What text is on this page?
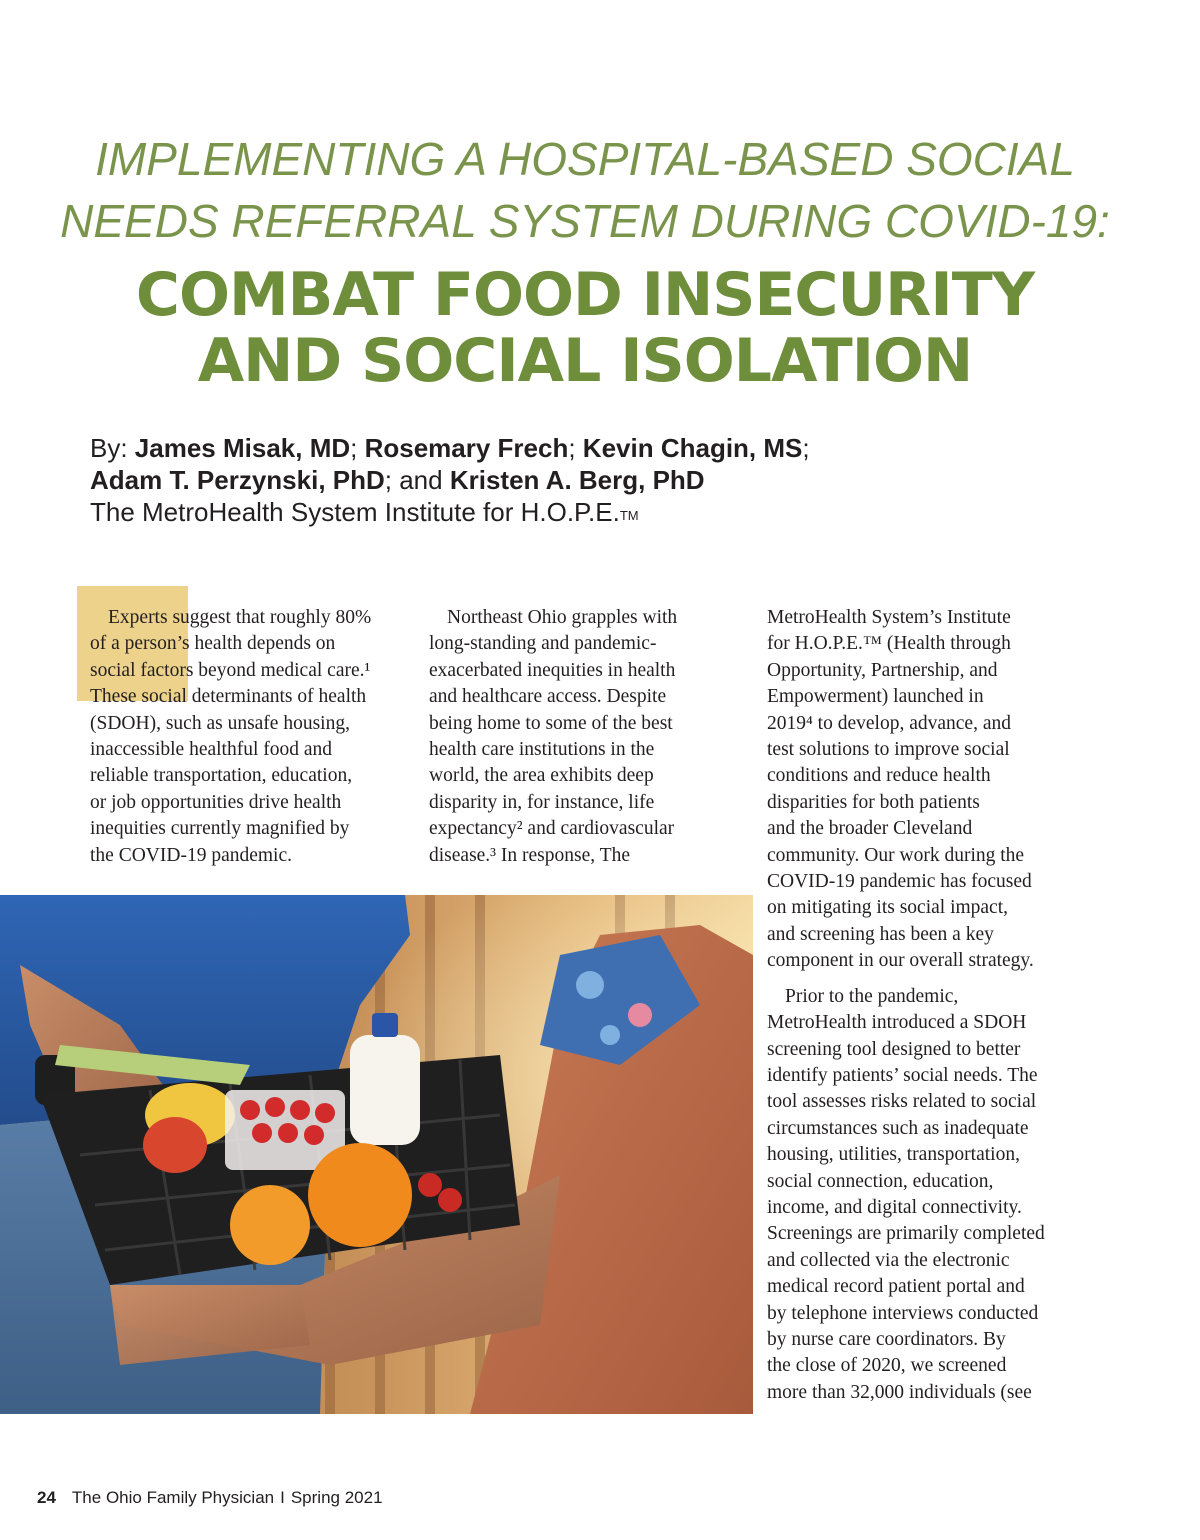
IMPLEMENTING A HOSPITAL-BASED SOCIAL
NEEDS REFERRAL SYSTEM DURING COVID-19:
COMBAT FOOD INSECURITY
AND SOCIAL ISOLATION
By: James Misak, MD; Rosemary Frech; Kevin Chagin, MS;
Adam T. Perzynski, PhD; and Kristen A. Berg, PhD
The MetroHealth System Institute for H.O.P.E.™

Experts suggest that roughly 80%
of a person’s health depends on
social factors beyond medical care.¹
These social determinants of health
(SDOH), such as unsafe housing,
inaccessible healthful food and
reliable transportation, education,
or job opportunities drive health
inequities currently magnified by
the COVID-19 pandemic.

Northeast Ohio grapples with
long-standing and pandemic-
exacerbated inequities in health
and healthcare access. Despite
being home to some of the best
health care institutions in the
world, the area exhibits deep
disparity in, for instance, life
expectancy² and cardiovascular
disease.³ In response, The

MetroHealth System’s Institute
for H.O.P.E.™ (Health through
Opportunity, Partnership, and
Empowerment) launched in
2019⁴ to develop, advance, and
test solutions to improve social
conditions and reduce health
disparities for both patients
and the broader Cleveland
community. Our work during the
COVID-19 pandemic has focused
on mitigating its social impact,
and screening has been a key
component in our overall strategy.

Prior to the pandemic,
MetroHealth introduced a SDOH
screening tool designed to better
identify patients’ social needs. The
tool assesses risks related to social
circumstances such as inadequate
housing, utilities, transportation,
social connection, education,
income, and digital connectivity.
Screenings are primarily completed
and collected via the electronic
medical record patient portal and
by telephone interviews conducted
by nurse care coordinators. By
the close of 2020, we screened
more than 32,000 individuals (see

24 The Ohio Family Physician I Spring 2021
